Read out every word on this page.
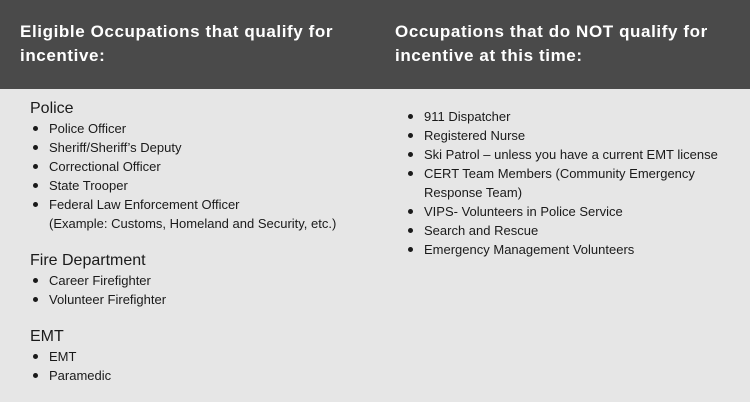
Eligible Occupations that qualify for incentive:
Occupations that do NOT qualify for incentive at this time:
Police
Police Officer
Sheriff/Sheriff’s Deputy
Correctional Officer
State Trooper
Federal Law Enforcement Officer
(Example: Customs, Homeland and Security, etc.)
Fire Department
Career Firefighter
Volunteer Firefighter
EMT
EMT
Paramedic
911 Dispatcher
Registered Nurse
Ski Patrol – unless you have a current EMT license
CERT Team Members (Community Emergency Response Team)
VIPS- Volunteers in Police Service
Search and Rescue
Emergency Management Volunteers
